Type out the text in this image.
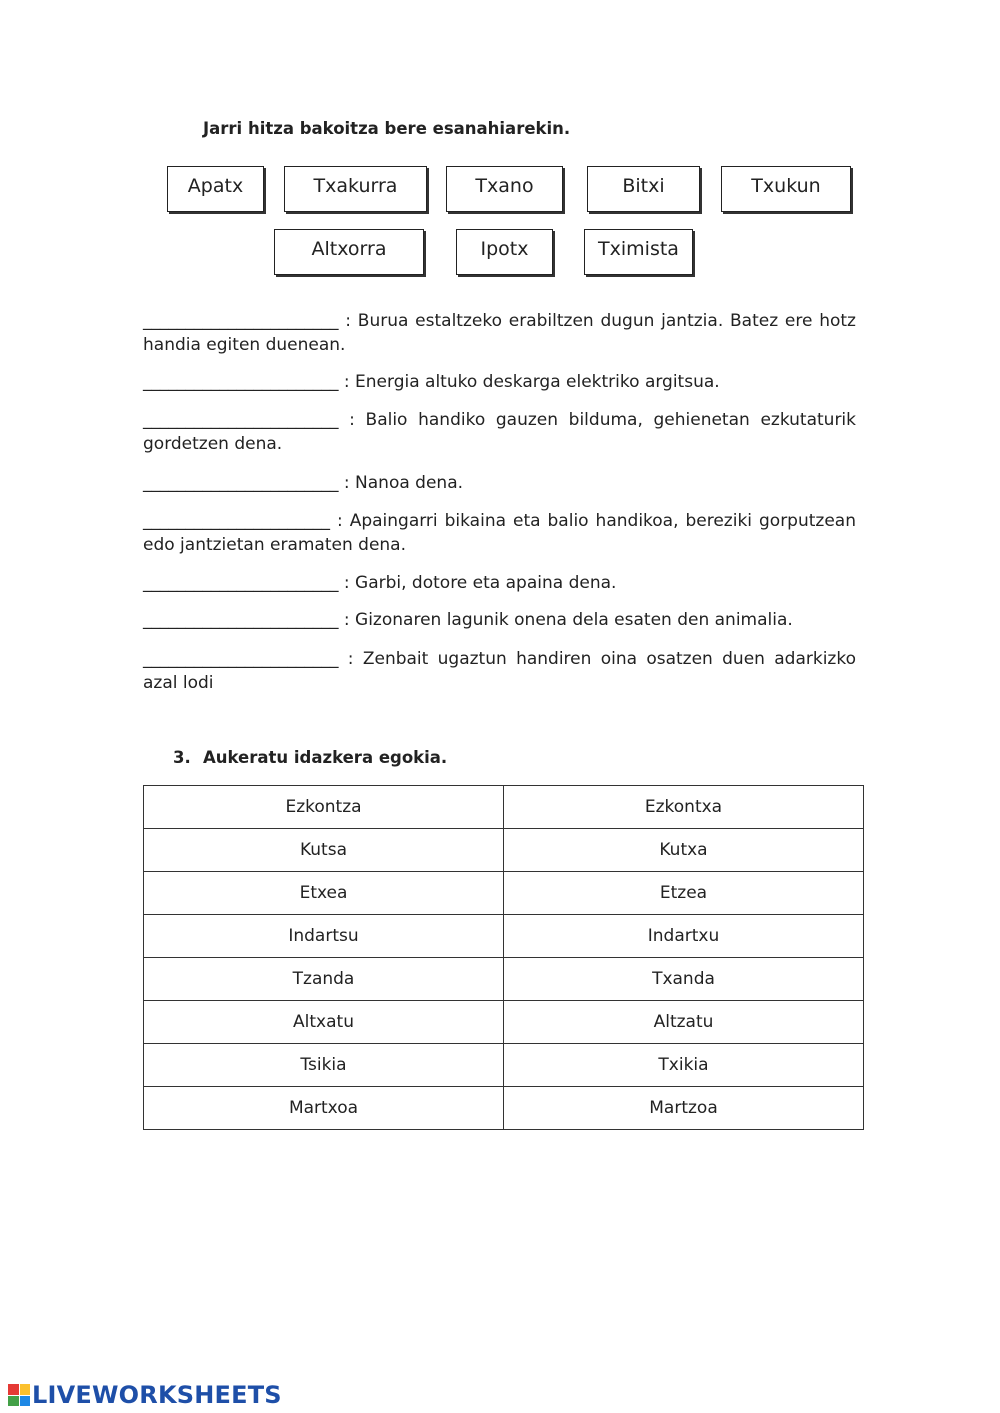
Jarri hitza bakoitza bere esanahiarekin.
Apatx	Txakurra	Txano	Bitxi	Txukun
Altxorra	Ipotx	Tximista

_______________________ : Burua estaltzeko erabiltzen dugun jantzia. Batez ere hotz handia egiten duenean.

_______________________ : Energia altuko deskarga elektriko argitsua.

_______________________ : Balio handiko gauzen bilduma, gehienetan ezkutaturik gordetzen dena.

_______________________ : Nanoa dena.

______________________ : Apaingarri bikaina eta balio handikoa, bereziki gorputzean edo jantzietan eramaten dena.

_______________________ : Garbi, dotore eta apaina dena.

_______________________ : Gizonaren lagunik onena dela esaten den animalia.

_______________________ : Zenbait ugaztun handiren oina osatzen duen adarkizko azal lodi

3. Aukeratu idazkera egokia.
Ezkontza	Ezkontxa
Kutsa	Kutxa
Etxea	Etzea
Indartsu	Indartxu
Tzanda	Txanda
Altxatu	Altzatu
Tsikia	Txikia
Martxoa	Martzoa
LIVEWORKSHEETS
